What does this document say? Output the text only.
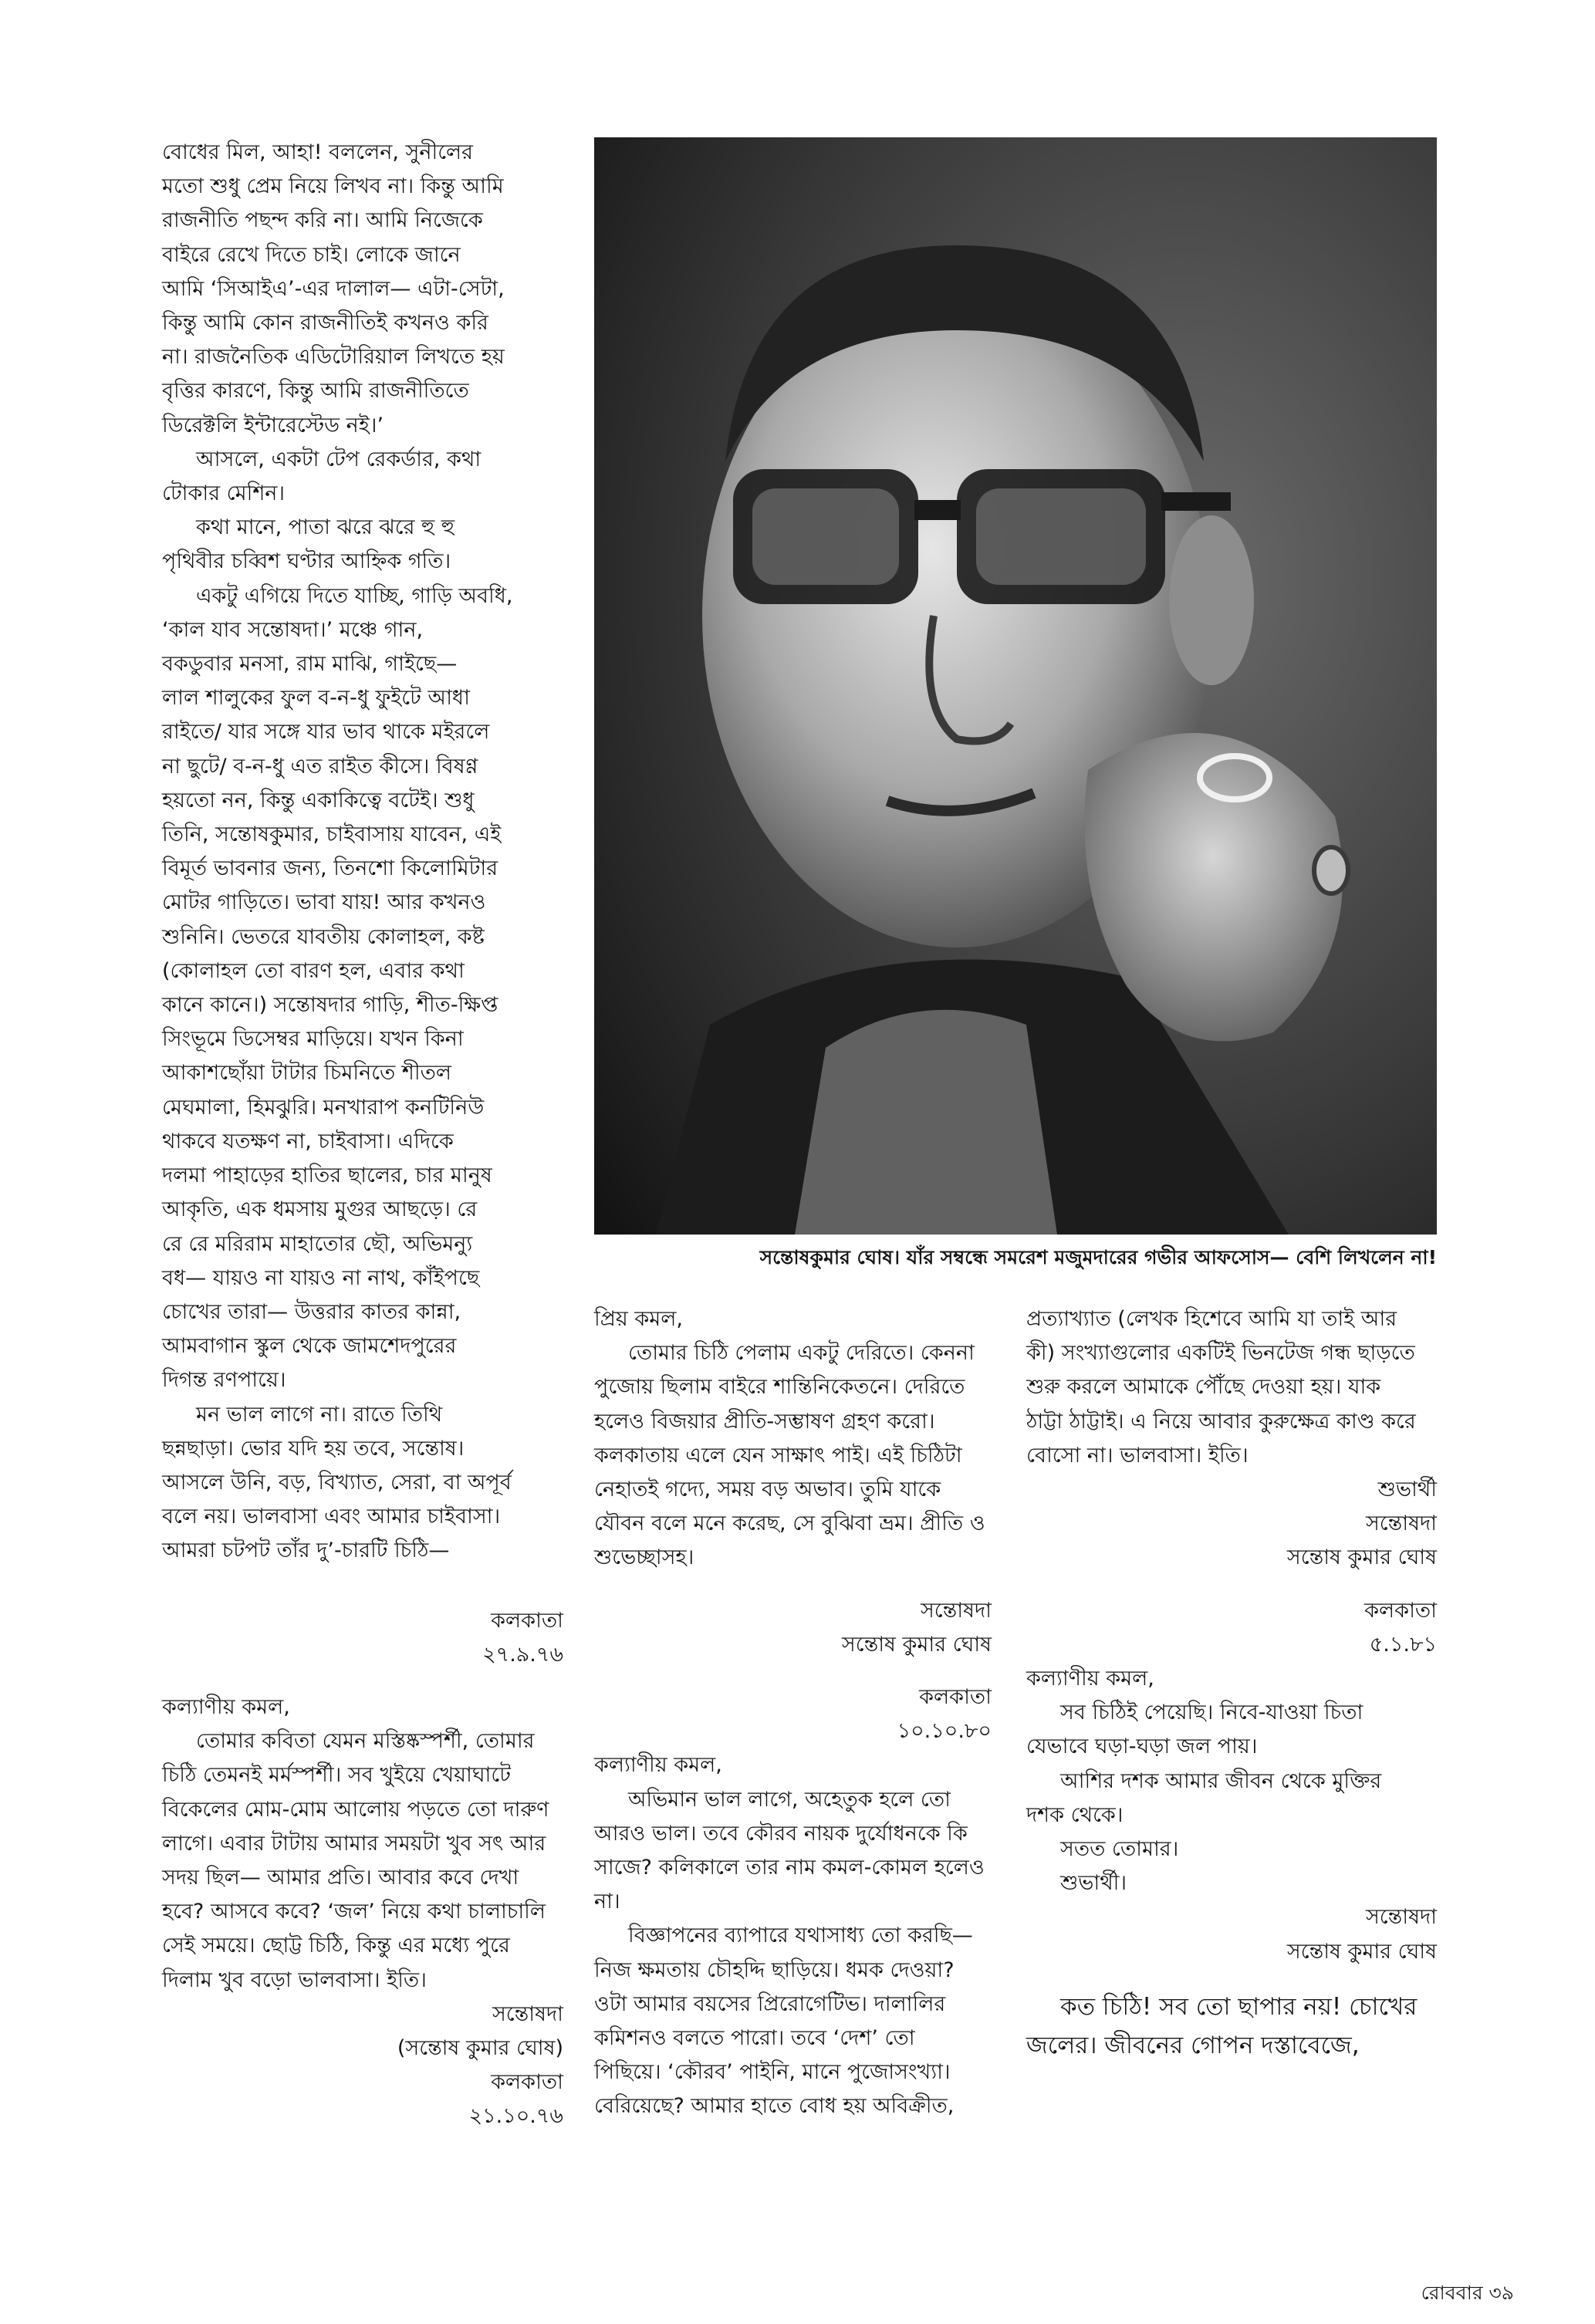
বোধের মিল, আহা! বললেন, সুনীলের

মতো শুধু প্রেম নিয়ে লিখব না। কিন্তু আমি

রাজনীতি পছন্দ করি না। আমি নিজেকে

বাইরে রেখে দিতে চাই। লোকে জানে

আমি ‘সিআইএ’-এর দালাল— এটা-সেটা,

কিন্তু আমি কোন রাজনীতিই কখনও করি

না। রাজনৈতিক এডিটোরিয়াল লিখতে হয়

বৃত্তির কারণে, কিন্তু আমি রাজনীতিতে

ডিরেক্টলি ইন্টারেস্টেড নই।’

আসলে, একটা টেপ রেকর্ডার, কথা

টোকার মেশিন।

কথা মানে, পাতা ঝরে ঝরে হু হু

পৃথিবীর চব্বিশ ঘণ্টার আহ্নিক গতি।

একটু এগিয়ে দিতে যাচ্ছি, গাড়ি অবধি,

‘কাল যাব সন্তোষদা।’ মঞ্চে গান,

বকডুবার মনসা, রাম মাঝি, গাইছে—

লাল শালুকের ফুল ব-ন-ধু ফুইটে আধা

রাইতে/ যার সঙ্গে যার ভাব থাকে মইরলে

না ছুটে/ ব-ন-ধু এত রাইত কীসে। বিষণ্ণ

হয়তো নন, কিন্তু একাকিত্বে বটেই। শুধু

তিনি, সন্তোষকুমার, চাইবাসায় যাবেন, এই

বিমূর্ত ভাবনার জন্য, তিনশো কিলোমিটার

মোটর গাড়িতে। ভাবা যায়! আর কখনও

শুনিনি। ভেতরে যাবতীয় কোলাহল, কষ্ট

(কোলাহল তো বারণ হল, এবার কথা

কানে কানে।) সন্তোষদার গাড়ি, শীত-ক্ষিপ্ত

সিংভূমে ডিসেম্বর মাড়িয়ে। যখন কিনা

আকাশছোঁয়া টাটার চিমনিতে শীতল

মেঘমালা, হিমঝুরি। মনখারাপ কনটিনিউ

থাকবে যতক্ষণ না, চাইবাসা। এদিকে

দলমা পাহাড়ের হাতির ছালের, চার মানুষ

আকৃতি, এক ধমসায় মুগুর আছড়ে। রে

রে রে মরিরাম মাহাতোর ছৌ, অভিমন্যু

বধ— যায়ও না যায়ও না নাথ, কাঁইপছে

চোখের তারা— উত্তরার কাতর কান্না,

আমবাগান স্কুল থেকে জামশেদপুরের

দিগন্ত রণপায়ে।

মন ভাল লাগে না। রাতে তিথি

ছন্নছাড়া। ভোর যদি হয় তবে, সন্তোষ।

আসলে উনি, বড়, বিখ্যাত, সেরা, বা অপূর্ব

বলে নয়। ভালবাসা এবং আমার চাইবাসা।

আমরা চটপট তাঁর দু’-চারটি চিঠি—

কলকাতা

২৭.৯.৭৬

কল্যাণীয় কমল,

তোমার কবিতা যেমন মস্তিষ্কস্পর্শী, তোমার

চিঠি তেমনই মর্মস্পর্শী। সব খুইয়ে খেয়াঘাটে

বিকেলের মোম-মোম আলোয় পড়তে তো দারুণ

লাগে। এবার টাটায় আমার সময়টা খুব সৎ আর

সদয় ছিল— আমার প্রতি। আবার কবে দেখা

হবে? আসবে কবে? ‘জল’ নিয়ে কথা চালাচালি

সেই সময়ে। ছোট্ট চিঠি, কিন্তু এর মধ্যে পুরে

দিলাম খুব বড়ো ভালবাসা। ইতি।

সন্তোষদা

(সন্তোষ কুমার ঘোষ)

কলকাতা

২১.১০.৭৬

সন্তোষকুমার ঘোষ। যাঁর সম্বন্ধে সমরেশ মজুমদারের গভীর আফসোস— বেশি লিখলেন না!

প্রিয় কমল,

তোমার চিঠি পেলাম একটু দেরিতে। কেননা

পুজোয় ছিলাম বাইরে শান্তিনিকেতনে। দেরিতে

হলেও বিজয়ার প্রীতি-সম্ভাষণ গ্রহণ করো।

কলকাতায় এলে যেন সাক্ষাৎ পাই। এই চিঠিটা

নেহাতই গদ্যে, সময় বড় অভাব। তুমি যাকে

যৌবন বলে মনে করেছ, সে বুঝিবা ভ্রম। প্রীতি ও

শুভেচ্ছাসহ।

সন্তোষদা

সন্তোষ কুমার ঘোষ

কলকাতা

১০.১০.৮০

কল্যাণীয় কমল,

অভিমান ভাল লাগে, অহেতুক হলে তো

আরও ভাল। তবে কৌরব নায়ক দুর্যোধনকে কি

সাজে? কলিকালে তার নাম কমল-কোমল হলেও

না।

বিজ্ঞাপনের ব্যাপারে যথাসাধ্য তো করছি—

নিজ ক্ষমতায় চৌহদ্দি ছাড়িয়ে। ধমক দেওয়া?

ওটা আমার বয়সের প্রিরোগেটিভ। দালালির

কমিশনও বলতে পারো। তবে ‘দেশ’ তো

পিছিয়ে। ‘কৌরব’ পাইনি, মানে পুজোসংখ্যা।

বেরিয়েছে? আমার হাতে বোধ হয় অবিক্রীত,

প্রত্যাখ্যাত (লেখক হিশেবে আমি যা তাই আর

কী) সংখ্যাগুলোর একটিই ভিনটেজ গন্ধ ছাড়তে

শুরু করলে আমাকে পৌঁছে দেওয়া হয়। যাক

ঠাট্টা ঠাট্টাই। এ নিয়ে আবার কুরুক্ষেত্র কাণ্ড করে

বোসো না। ভালবাসা। ইতি।

শুভার্থী

সন্তোষদা

সন্তোষ কুমার ঘোষ

কলকাতা

৫.১.৮১

কল্যাণীয় কমল,

সব চিঠিই পেয়েছি। নিবে-যাওয়া চিতা

যেভাবে ঘড়া-ঘড়া জল পায়।

আশির দশক আমার জীবন থেকে মুক্তির

দশক থেকে।

সতত তোমার।

শুভার্থী।

সন্তোষদা

সন্তোষ কুমার ঘোষ

কত চিঠি! সব তো ছাপার নয়! চোখের

জলের। জীবনের গোপন দস্তাবেজে,

রোববার ৩৯
